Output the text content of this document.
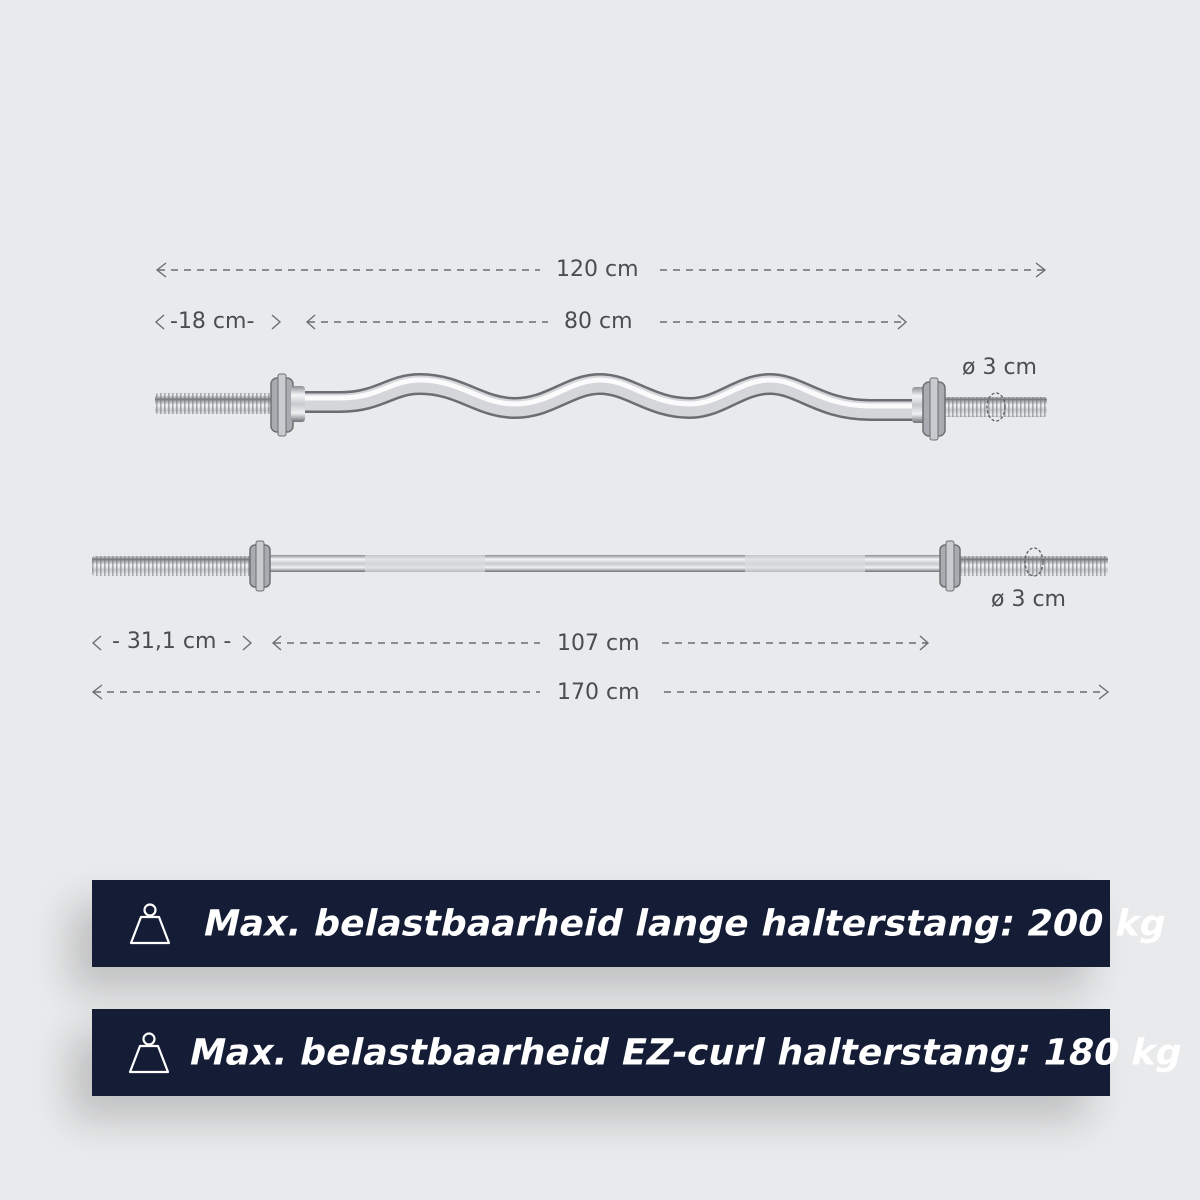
120 cm
-18 cm-	80 cm
ø 3 cm
ø 3 cm
- 31,1 cm -	107 cm
170 cm
Max. belastbaarheid lange halterstang: 200 kg
Max. belastbaarheid EZ-curl halterstang: 180 kg
